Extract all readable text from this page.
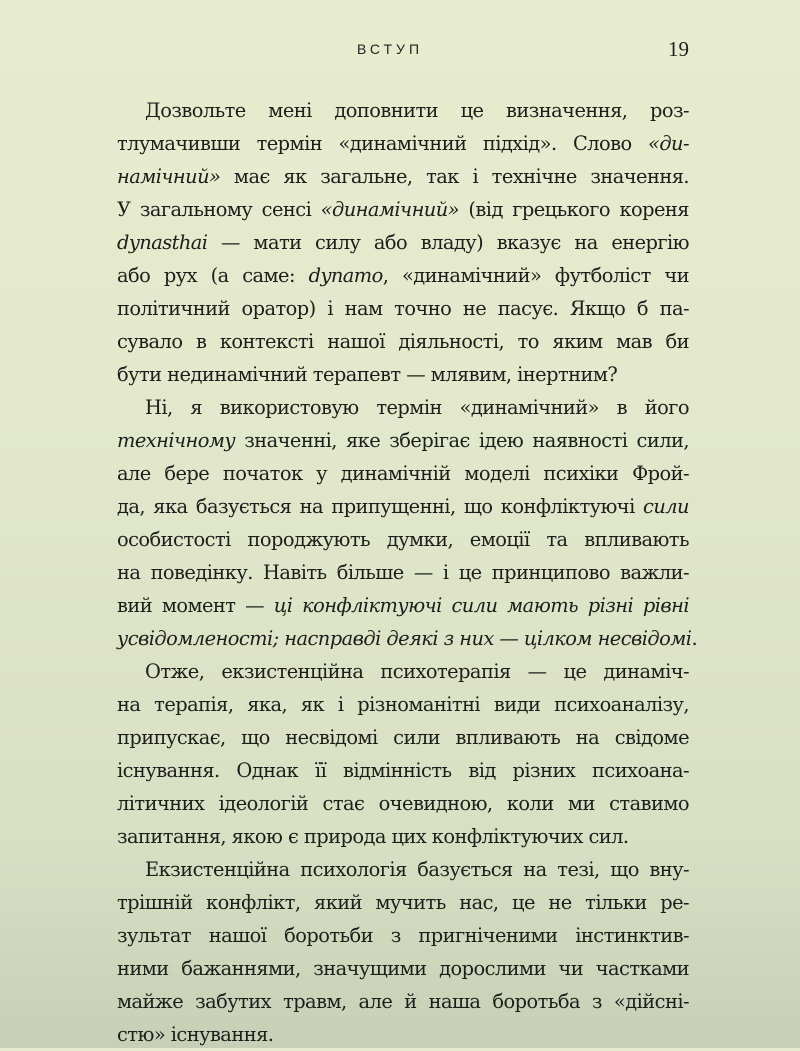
ВСТУП	19
Дозвольте мені доповнити це визначення, роз-
тлумачивши термін «динамічний підхід». Слово «ди-
намічний» має як загальне, так і технічне значення.
У загальному сенсі «динамічний» (від грецького кореня
dynasthai — мати силу або владу) вказує на енергію
або рух (а саме: dynamo, «динамічний» футболіст чи
політичний оратор) і нам точно не пасує. Якщо б па-
сувало в контексті нашої діяльності, то яким мав би
бути нединамічний терапевт — млявим, інертним?
Ні, я використовую термін «динамічний» в його
технічному значенні, яке зберігає ідею наявності сили,
але бере початок у динамічній моделі психіки Фрой-
да, яка базується на припущенні, що конфліктуючі сили
особистості породжують думки, емоції та впливають
на поведінку. Навіть більше — і це принципово важли-
вий момент — ці конфліктуючі сили мають різні рівні
усвідомленості; насправді деякі з них — цілком несвідомі.
Отже, екзистенційна психотерапія — це динаміч-
на терапія, яка, як і різноманітні види психоаналізу,
припускає, що несвідомі сили впливають на свідоме
існування. Однак її відмінність від різних психоана-
літичних ідеологій стає очевидною, коли ми ставимо
запитання, якою є природа цих конфліктуючих сил.
Екзистенційна психологія базується на тезі, що вну-
трішній конфлікт, який мучить нас, це не тільки ре-
зультат нашої боротьби з пригніченими інстинктив-
ними бажаннями, значущими дорослими чи частками
майже забутих травм, але й наша боротьба з «дійсні-
стю» існування.
